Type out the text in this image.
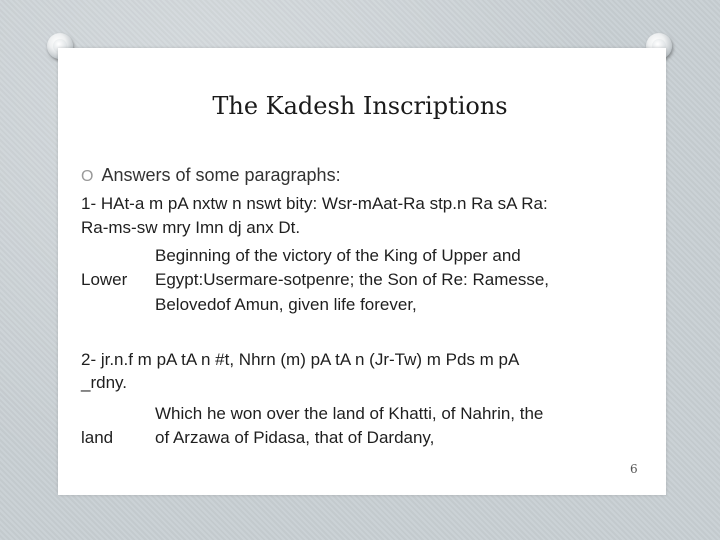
The Kadesh Inscriptions
O Answers of some paragraphs:
1- HAt-a m pA nxtw n nswt bity: Wsr-mAat-Ra stp.n Ra sA Ra:
Ra-ms-sw mry Imn dj anx Dt.
Beginning of the victory of the King of Upper and
Lower Egypt:Usermare-sotpenre; the Son of Re: Ramesse,
Belovedof Amun, given life forever,
2- jr.n.f m pA tA n #t, Nhrn (m) pA tA n (Jr-Tw) m Pds m pA
_rdny.
Which he won over the land of Khatti, of Nahrin, the
land of Arzawa of Pidasa, that of Dardany,
6
